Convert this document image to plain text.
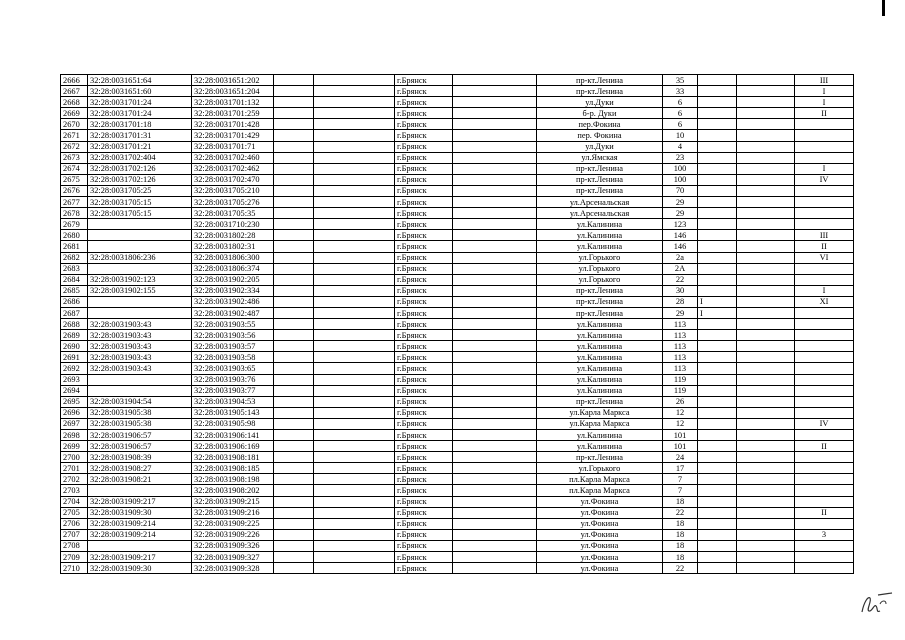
2666	32:28:0031651:64	32:28:0031651:202			г.Брянск		пр-кт.Ленина	35			III
2667	32:28:0031651:60	32:28:0031651:204			г.Брянск		пр-кт.Ленина	33			I
2668	32:28:0031701:24	32:28:0031701:132			г.Брянск		ул.Дуки	6			I
2669	32:28:0031701:24	32:28:0031701:259			г.Брянск		б-р. Дуки	6			II
2670	32:28:0031701:18	32:28:0031701:428			г.Брянск		пер.Фокина	6			
2671	32:28:0031701:31	32:28:0031701:429			г.Брянск		пер. Фокина	10			
2672	32:28:0031701:21	32:28:0031701:71			г.Брянск		ул.Дуки	4			
2673	32:28:0031702:404	32:28:0031702:460			г.Брянск		ул.Ямская	23			
2674	32:28:0031702:126	32:28:0031702:462			г.Брянск		пр-кт.Ленина	100			I
2675	32:28:0031702:126	32:28:0031702:470			г.Брянск		пр-кт.Ленина	100			IV
2676	32:28:0031705:25	32:28:0031705:210			г.Брянск		пр-кт.Ленина	70			
2677	32:28:0031705:15	32:28:0031705:276			г.Брянск		ул.Арсенальская	29			
2678	32:28:0031705:15	32:28:0031705:35			г.Брянск		ул.Арсенальская	29			
2679		32:28:0031710:230			г.Брянск		ул.Калинина	123			
2680		32:28:0031802:28			г.Брянск		ул.Калинина	146			III
2681		32:28:0031802:31			г.Брянск		ул.Калинина	146			II
2682	32:28:0031806:236	32:28:0031806:300			г.Брянск		ул.Горького	2а			VI
2683		32:28:0031806:374			г.Брянск		ул.Горького	2А			
2684	32:28:0031902:123	32:28:0031902:205			г.Брянск		ул.Горького	22			
2685	32:28:0031902:155	32:28:0031902:334			г.Брянск		пр-кт.Ленина	30			I
2686		32:28:0031902:486			г.Брянск		пр-кт.Ленина	28	I		XI
2687		32:28:0031902:487			г.Брянск		пр-кт.Ленина	29	I		
2688	32:28:0031903:43	32:28:0031903:55			г.Брянск		ул.Калинина	113			
2689	32:28:0031903:43	32:28:0031903:56			г.Брянск		ул.Калинина	113			
2690	32:28:0031903:43	32:28:0031903:57			г.Брянск		ул.Калинина	113			
2691	32:28:0031903:43	32:28:0031903:58			г.Брянск		ул.Калинина	113			
2692	32:28:0031903:43	32:28:0031903:65			г.Брянск		ул.Калинина	113			
2693		32:28:0031903:76			г.Брянск		ул.Калинина	119			
2694		32:28:0031903:77			г.Брянск		ул.Калинина	119			
2695	32:28:0031904:54	32:28:0031904:53			г.Брянск		пр-кт.Ленина	26			
2696	32:28:0031905:38	32:28:0031905:143			г.Брянск		ул.Карла Маркса	12			
2697	32:28:0031905:38	32:28:0031905:98			г.Брянск		ул.Карла Маркса	12			IV
2698	32:28:0031906:57	32:28:0031906:141			г.Брянск		ул.Калинина	101			
2699	32:28:0031906:57	32:28:0031906:169			г.Брянск		ул.Калинина	101			II
2700	32:28:0031908:39	32:28:0031908:181			г.Брянск		пр-кт.Ленина	24			
2701	32:28:0031908:27	32:28:0031908:185			г.Брянск		ул.Горького	17			
2702	32:28:0031908:21	32:28:0031908:198			г.Брянск		пл.Карла Маркса	7			
2703		32:28:0031908:202			г.Брянск		пл.Карла Маркса	7			
2704	32:28:0031909:217	32:28:0031909:215			г.Брянск		ул.Фокина	18			
2705	32:28:0031909:30	32:28:0031909:216			г.Брянск		ул.Фокина	22			II
2706	32:28:0031909:214	32:28:0031909:225			г.Брянск		ул.Фокина	18			
2707	32:28:0031909:214	32:28:0031909:226			г.Брянск		ул.Фокина	18			3
2708		32:28:0031909:326			г.Брянск		ул.Фокина	18			
2709	32:28:0031909:217	32:28:0031909:327			г.Брянск		ул.Фокина	18			
2710	32:28:0031909:30	32:28:0031909:328			г.Брянск		ул.Фокина	22			
